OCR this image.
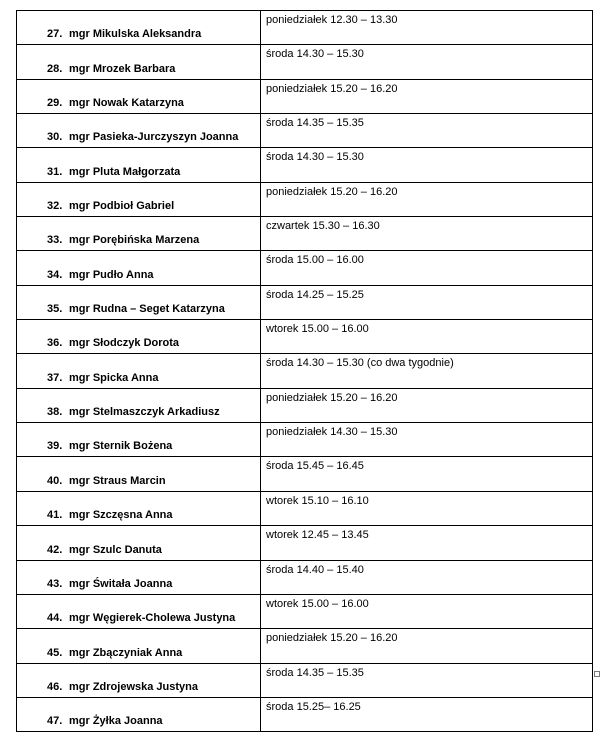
27. mgr Mikulska Aleksandra	poniedziałek 12.30 – 13.30

28. mgr Mrozek Barbara	środa 14.30 – 15.30

29. mgr Nowak Katarzyna	poniedziałek 15.20 – 16.20

30. mgr Pasieka-Jurczyszyn Joanna	środa 14.35 – 15.35

31. mgr Pluta Małgorzata	środa 14.30 – 15.30

32. mgr Podbioł Gabriel	poniedziałek 15.20 – 16.20

33. mgr Porębińska Marzena	czwartek 15.30 – 16.30

34. mgr Pudło Anna	środa 15.00 – 16.00

35. mgr Rudna – Seget Katarzyna	środa 14.25 – 15.25

36. mgr Słodczyk Dorota	wtorek 15.00 – 16.00

37. mgr Spicka Anna	środa 14.30 – 15.30 (co dwa tygodnie)

38. mgr Stelmaszczyk Arkadiusz	poniedziałek 15.20 – 16.20

39. mgr Sternik Bożena	poniedziałek 14.30 – 15.30

40. mgr Straus Marcin	środa 15.45 – 16.45

41. mgr Szczęsna Anna	wtorek 15.10 – 16.10

42. mgr Szulc Danuta	wtorek 12.45 – 13.45

43. mgr Świtała Joanna	środa 14.40 – 15.40

44. mgr Węgierek-Cholewa Justyna	wtorek 15.00 – 16.00

45. mgr Zbączyniak Anna	poniedziałek 15.20 – 16.20

46. mgr Zdrojewska Justyna	środa 14.35 – 15.35

47. mgr Żyłka Joanna	środa 15.25– 16.25
